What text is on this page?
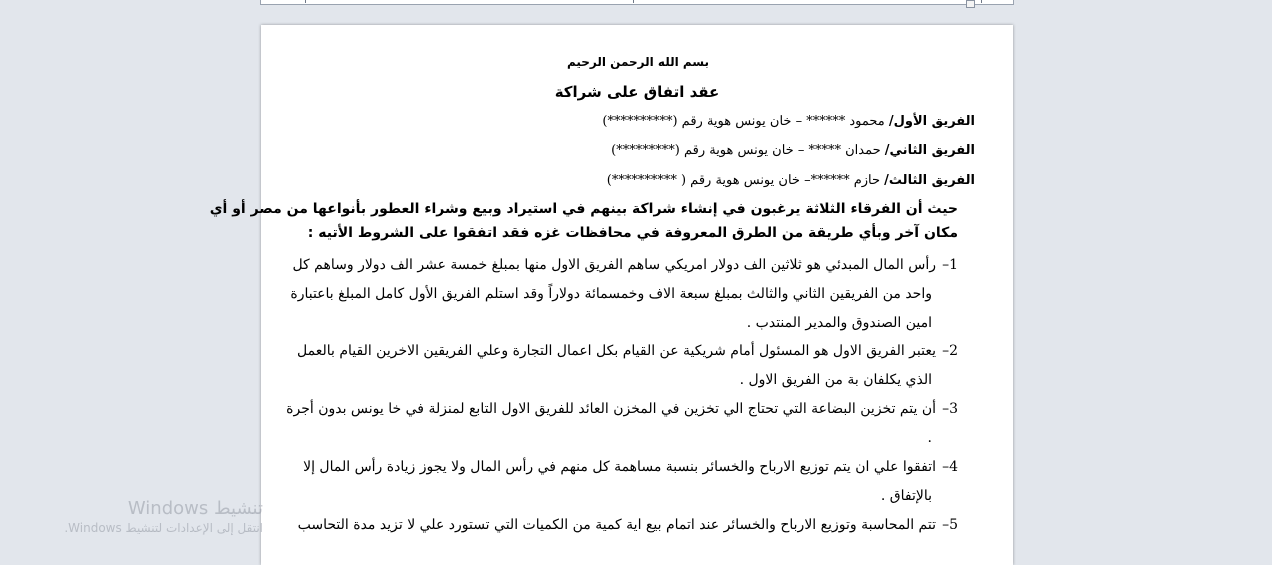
بسم الله الرحمن الرحيم
عقد اتفاق على شراكة
الفريق الأول/ محمود ****** – خان يونس هوية رقم (**********)
الفريق الثاني/ حمدان ***** – خان يونس هوية رقم (*********)
الفريق الثالث/ حازم ******– خان يونس هوية رقم ( **********)
حيث أن الفرقاء الثلاثة يرغبون في إنشاء شراكة بينهم في استيراد وبيع وشراء العطور بأنواعها من مصر أو أي
مكان آخر وبأي طريقة من الطرق المعروفة في محافظات غزه فقد اتفقوا على الشروط الأتيه :
1–رأس المال المبدئي هو ثلاثين الف دولار امريكي ساهم الفريق الاول منها بمبلغ خمسة عشر الف دولار وساهم كل
واحد من الفريقين الثاني والثالث بمبلغ سبعة الاف وخمسمائة دولاراً وقد استلم الفريق الأول كامل المبلغ باعتبارة
امين الصندوق والمدير المنتدب .
2–يعتبر الفريق الاول هو المسئول أمام شريكية عن القيام بكل اعمال التجارة وعلي الفريقين الاخرين القيام بالعمل
الذي يكلفان بة من الفريق الاول .
3–أن يتم تخزين البضاعة التي تحتاج الي تخزين في المخزن العائد للفريق الاول التابع لمنزلة في خا يونس بدون أجرة
.
4–اتفقوا علي ان يتم توزيع الارباح والخسائر بنسبة مساهمة كل منهم في رأس المال ولا يجوز زيادة رأس المال إلا
بالإتفاق .
5–تتم المحاسبة وتوزيع الارباح والخسائر عند اتمام بيع اية كمية من الكميات التي تستورد علي لا تزيد مدة التحاسب
تنشيط Windows
انتقل إلى الإعدادات لتنشيط Windows.
